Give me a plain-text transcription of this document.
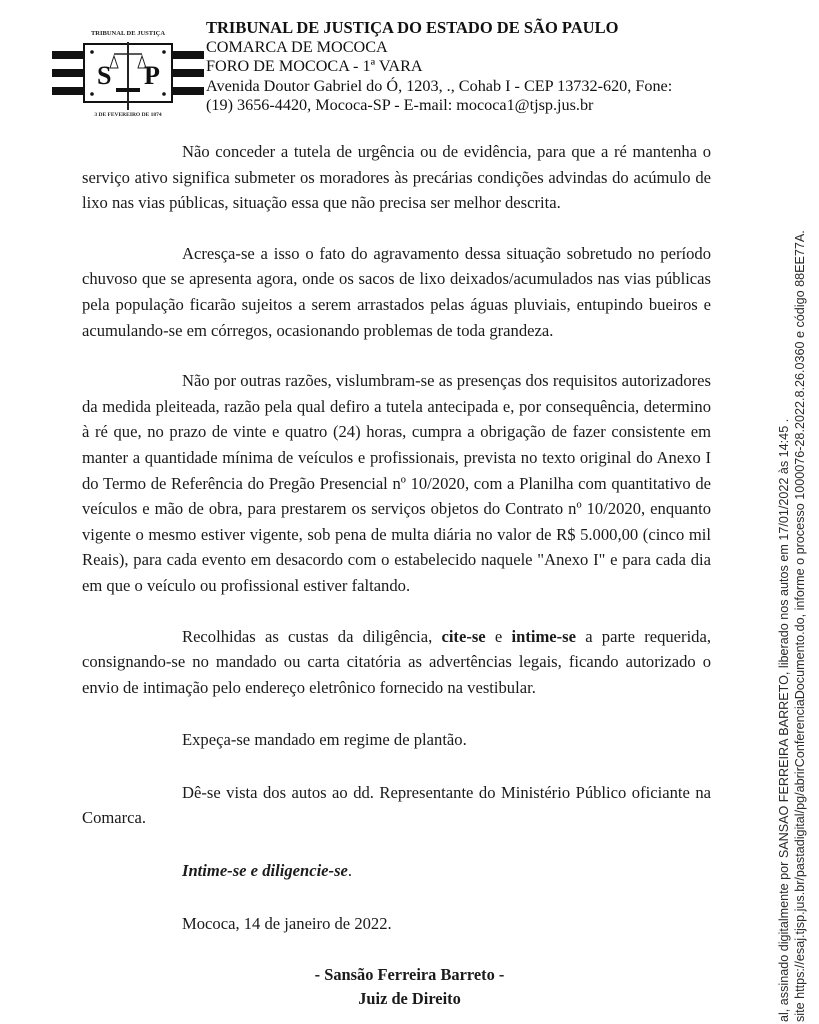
TRIBUNAL DE JUSTIÇA
S P
3 DE FEVEREIRO DE 1874
TRIBUNAL DE JUSTIÇA DO ESTADO DE SÃO PAULO
COMARCA DE MOCOCA
FORO DE MOCOCA - 1ª VARA
Avenida Doutor Gabriel do Ó, 1203, ., Cohab I - CEP 13732-620, Fone:
(19) 3656-4420, Mococa-SP - E-mail: mococa1@tjsp.jus.br

Não conceder a tutela de urgência ou de evidência, para que a ré mantenha o serviço ativo significa submeter os moradores às precárias condições advindas do acúmulo de lixo nas vias públicas, situação essa que não precisa ser melhor descrita.

Acresça-se a isso o fato do agravamento dessa situação sobretudo no período chuvoso que se apresenta agora, onde os sacos de lixo deixados/acumulados nas vias públicas pela população ficarão sujeitos a serem arrastados pelas águas pluviais, entupindo bueiros e acumulando-se em córregos, ocasionando problemas de toda grandeza.

Não por outras razões, vislumbram-se as presenças dos requisitos autorizadores da medida pleiteada, razão pela qual defiro a tutela antecipada e, por consequência, determino à ré que, no prazo de vinte e quatro (24) horas, cumpra a obrigação de fazer consistente em manter a quantidade mínima de veículos e profissionais, prevista no texto original do Anexo I do Termo de Referência do Pregão Presencial nº 10/2020, com a Planilha com quantitativo de veículos e mão de obra, para prestarem os serviços objetos do Contrato nº 10/2020, enquanto vigente o mesmo estiver vigente, sob pena de multa diária no valor de R$ 5.000,00 (cinco mil Reais), para cada evento em desacordo com o estabelecido naquele "Anexo I" e para cada dia em que o veículo ou profissional estiver faltando.

Recolhidas as custas da diligência, cite-se e intime-se a parte requerida, consignando-se no mandado ou carta citatória as advertências legais, ficando autorizado o envio de intimação pelo endereço eletrônico fornecido na vestibular.

Expeça-se mandado em regime de plantão.

Dê-se vista dos autos ao dd. Representante do Ministério Público oficiante na Comarca.

Intime-se e diligencie-se.

Mococa, 14 de janeiro de 2022.

- Sansão Ferreira Barreto -
Juiz de Direito	al, assinado digitalmente por SANSAO FERREIRA BARRETO, liberado nos autos em 17/01/2022 às 14:45 . site https://esaj.tjsp.jus.br/pastadigital/pg/abrirConferenciaDocumento.do, informe o processo 1000076-28.2022.8.26.0360 e código 88EE77A.
